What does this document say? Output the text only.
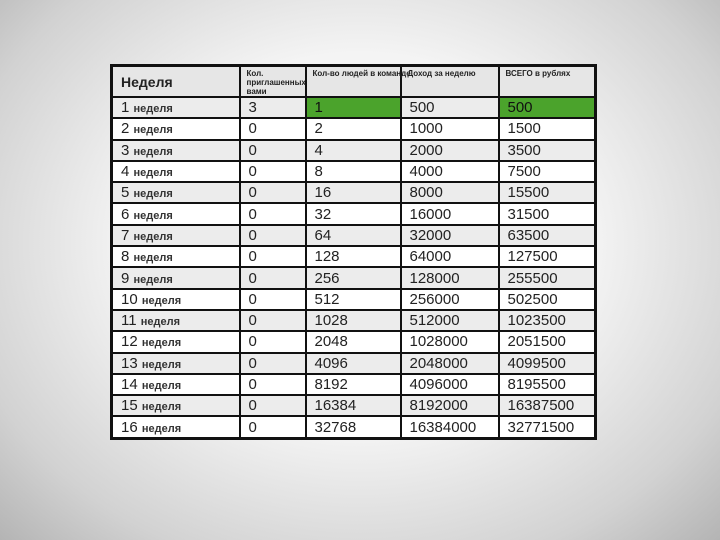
Неделя	Кол. приглашенных вами	Кол-во людей в команде	Доход за неделю	ВСЕГО в рублях
1 неделя	3	1	500	500
2 неделя	0	2	1000	1500
3 неделя	0	4	2000	3500
4 неделя	0	8	4000	7500
5 неделя	0	16	8000	15500
6 неделя	0	32	16000	31500
7 неделя	0	64	32000	63500
8 неделя	0	128	64000	127500
9 неделя	0	256	128000	255500
10 неделя	0	512	256000	502500
11 неделя	0	1028	512000	1023500
12 неделя	0	2048	1028000	2051500
13 неделя	0	4096	2048000	4099500
14 неделя	0	8192	4096000	8195500
15 неделя	0	16384	8192000	16387500
16 неделя	0	32768	16384000	32771500
